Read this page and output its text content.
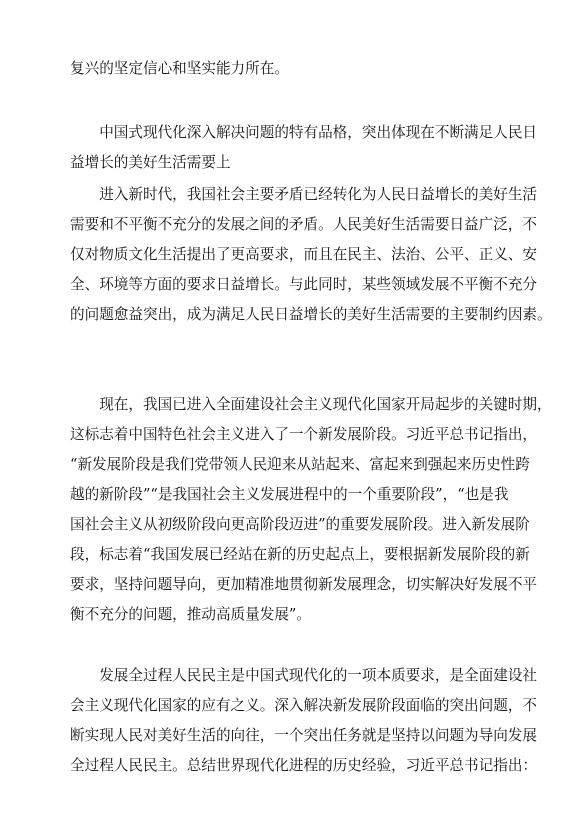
复兴的坚定信心和坚实能力所在。

　　中国式现代化深入解决问题的特有品格，突出体现在不断满足人民日
益增长的美好生活需要上

　　进入新时代，我国社会主要矛盾已经转化为人民日益增长的美好生活
需要和不平衡不充分的发展之间的矛盾。人民美好生活需要日益广泛，不
仅对物质文化生活提出了更高要求，而且在民主、法治、公平、正义、安
全、环境等方面的要求日益增长。与此同时，某些领域发展不平衡不充分
的问题愈益突出，成为满足人民日益增长的美好生活需要的主要制约因素。

　　现在，我国已进入全面建设社会主义现代化国家开局起步的关键时期，
这标志着中国特色社会主义进入了一个新发展阶段。习近平总书记指出，
“新发展阶段是我们党带领人民迎来从站起来、富起来到强起来历史性跨
越的新阶段”“是我国社会主义发展进程中的一个重要阶段”，“也是我
国社会主义从初级阶段向更高阶段迈进”的重要发展阶段。进入新发展阶
段，标志着“我国发展已经站在新的历史起点上，要根据新发展阶段的新
要求，坚持问题导向，更加精准地贯彻新发展理念，切实解决好发展不平
衡不充分的问题，推动高质量发展”。

　　发展全过程人民民主是中国式现代化的一项本质要求，是全面建设社
会主义现代化国家的应有之义。深入解决新发展阶段面临的突出问题，不
断实现人民对美好生活的向往，一个突出任务就是坚持以问题为导向发展
全过程人民民主。总结世界现代化进程的历史经验，习近平总书记指出：
